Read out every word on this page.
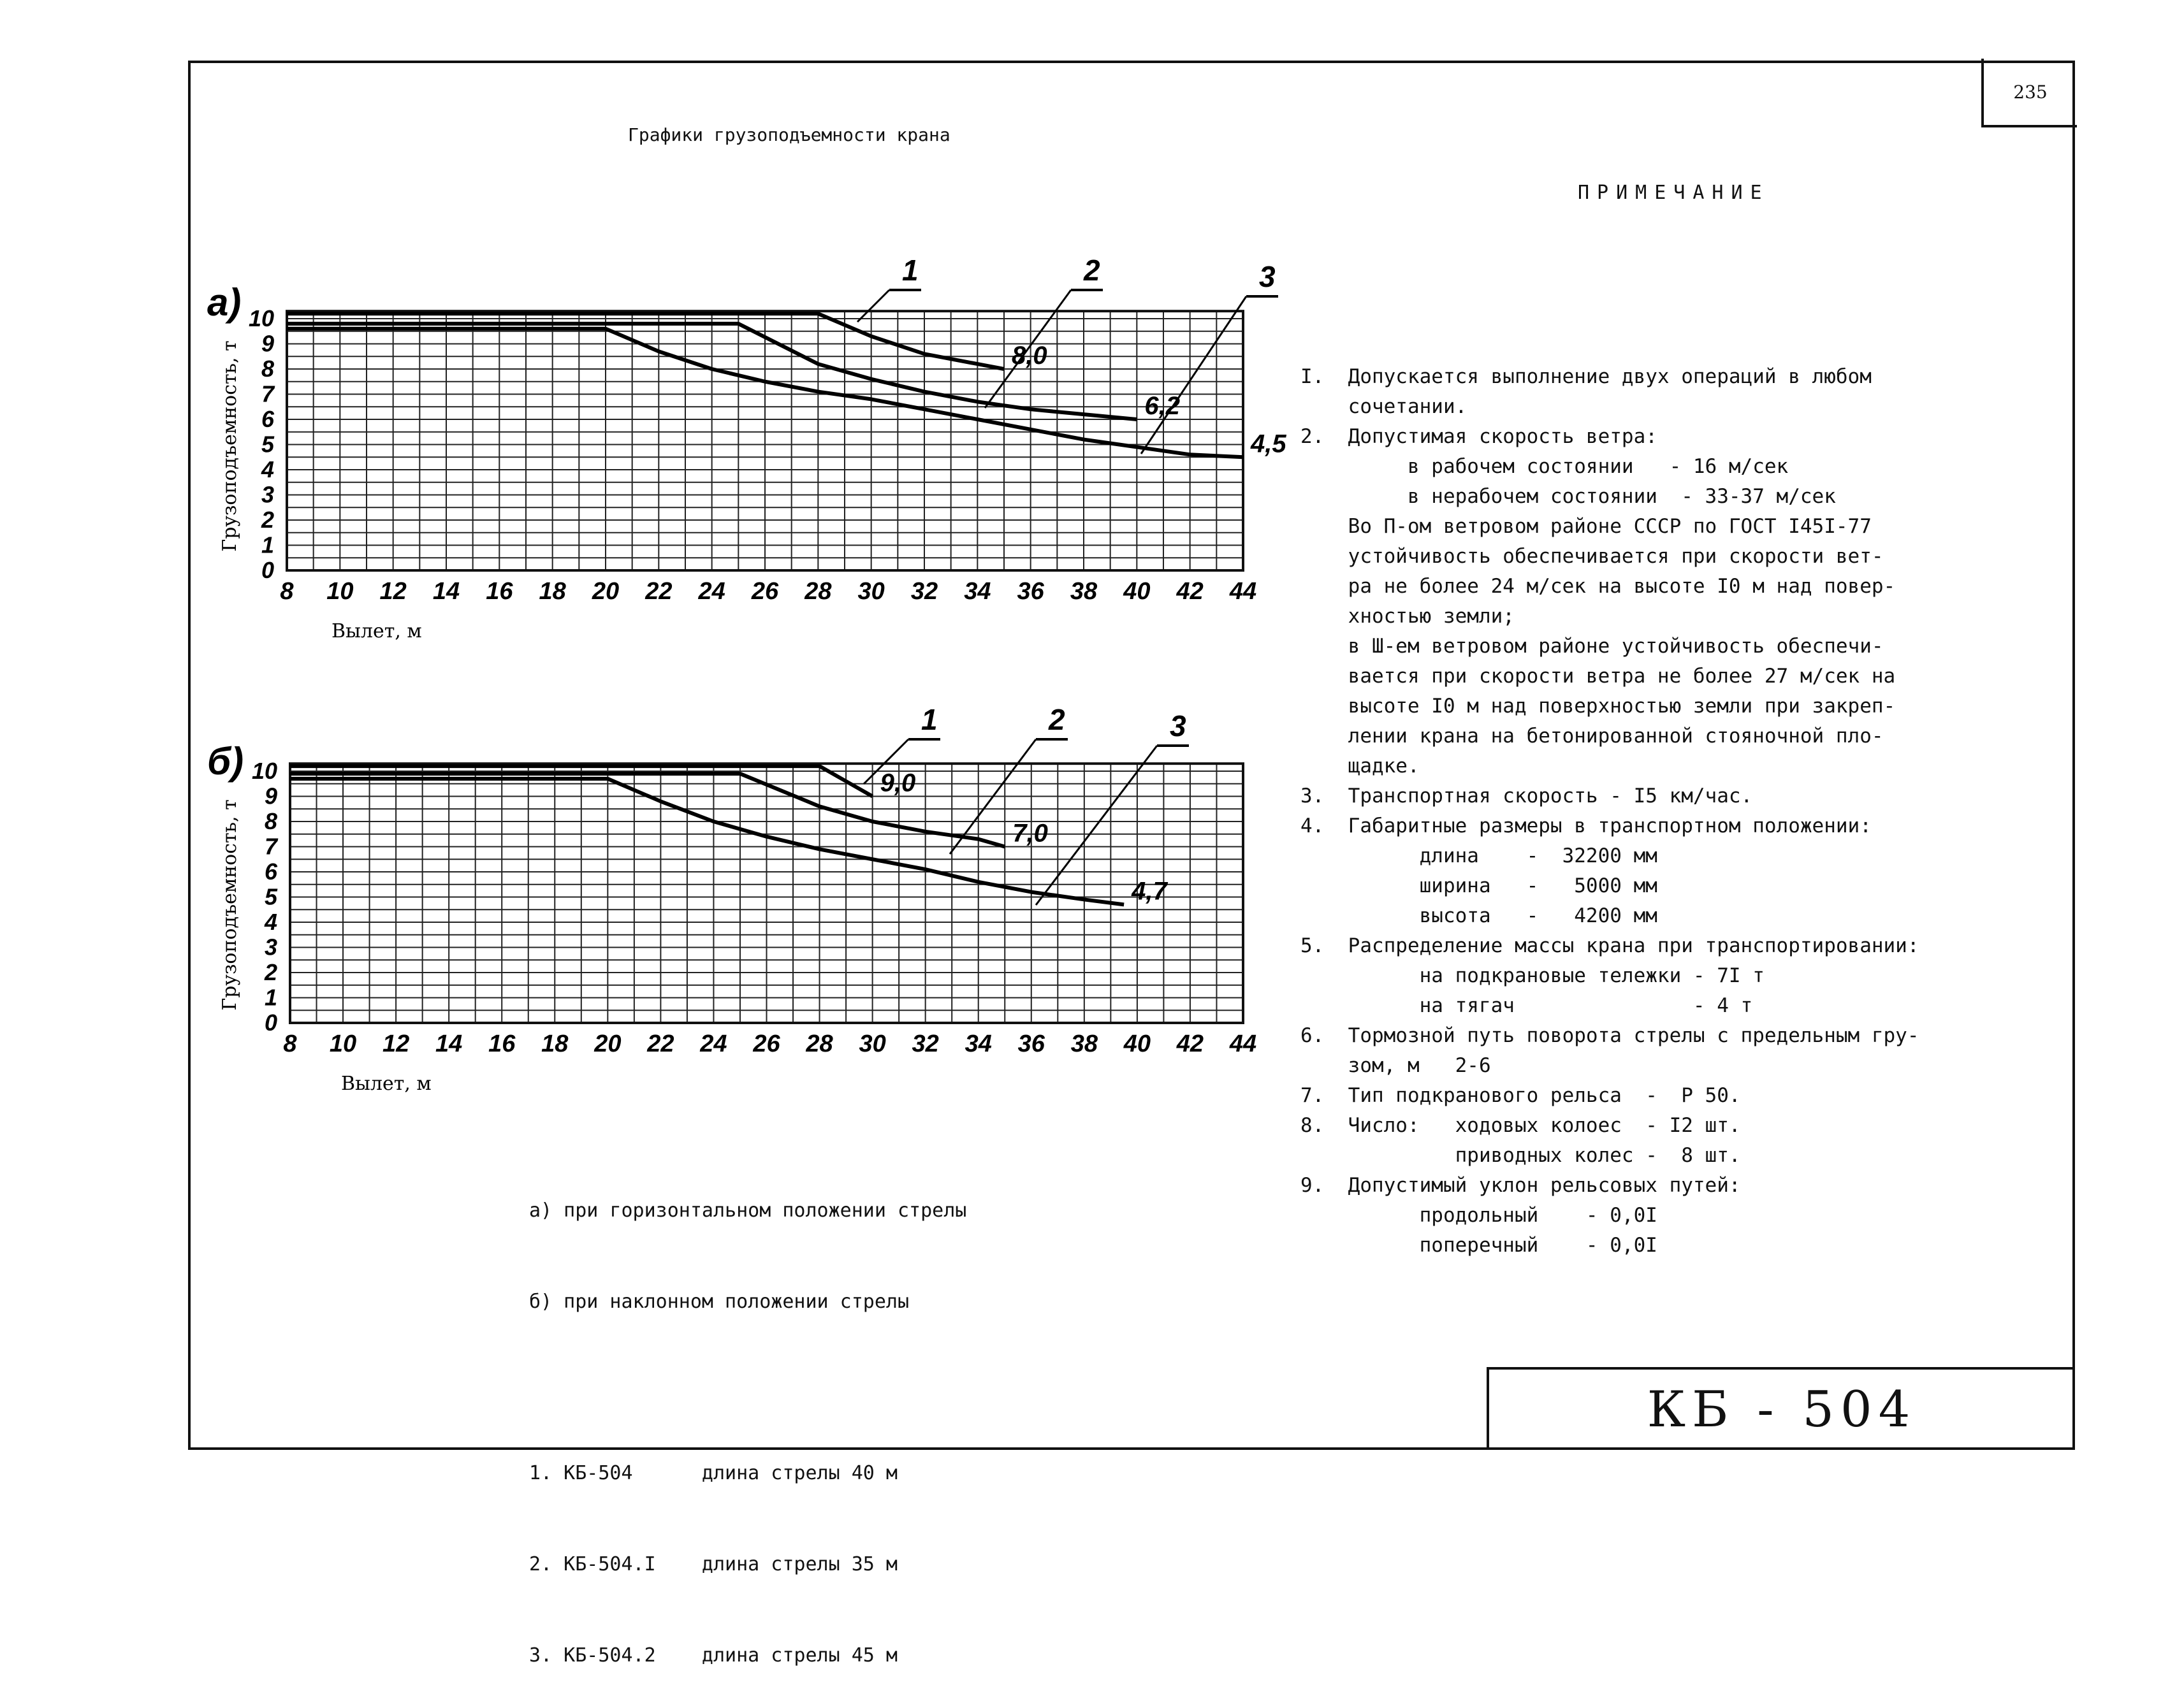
235
КБ - 504
Графики грузоподъемности крана
8 10 12 14 16 18 20 22 24 26 28 30 32 34 36 38 40 42 44
0
1
2
3
4
5
6
7
8
9
10
а)
Грузоподъемность, т
Вылет, м
6,2
8,0
4,5
2
1	3
8 10 12 14 16 18 20 22 24 26 28 30 32 34 36 38 40 42 44
0
1
2
3
4
5
6
7
8
9
10
б)
Грузоподъемность, т
Вылет, м
7,0
9,0
4,7
2
1	3
ПРИМЕЧАНИЕ

I.  Допускается выполнение двух операций в любом
сочетании.
2.  Допустимая скорость ветра:
в рабочем состоянии   - 16 м/сек
в нерабочем состоянии  - 33-37 м/сек
Во П-ом ветровом районе СССР по ГОСТ I45I-77
устойчивость обеспечивается при скорости вет-
ра не более 24 м/сек на высоте I0 м над повер-
хностью земли;
в Ш-ем ветровом районе устойчивость обеспечи-
вается при скорости ветра не более 27 м/сек на
высоте I0 м над поверхностью земли при закреп-
лении крана на бетонированной стояночной пло-
щадке.
3.  Транспортная скорость - I5 км/час.
4.  Габаритные размеры в транспортном положении:
длина    -  32200 мм
ширина   -   5000 мм
высота   -   4200 мм
5.  Распределение массы крана при транспортировании:
на подкрановые тележки - 7I т
на тягач               - 4 т
6.  Тормозной путь поворота стрелы с предельным гру-
зом, м   2-6
7.  Тип подкранового рельса  -  Р 50.
8.  Число:   ходовых колоес  - I2 шт.
приводных колес -  8 шт.
9.  Допустимый уклон рельсовых путей:
продольный    - 0,0I
поперечный    - 0,0I

а) при горизонтальном положении стрелы

б) при наклонном положении стрелы

1. КБ-504      длина стрелы 40 м

2. КБ-504.I    длина стрелы 35 м

3. КБ-504.2    длина стрелы 45 м
